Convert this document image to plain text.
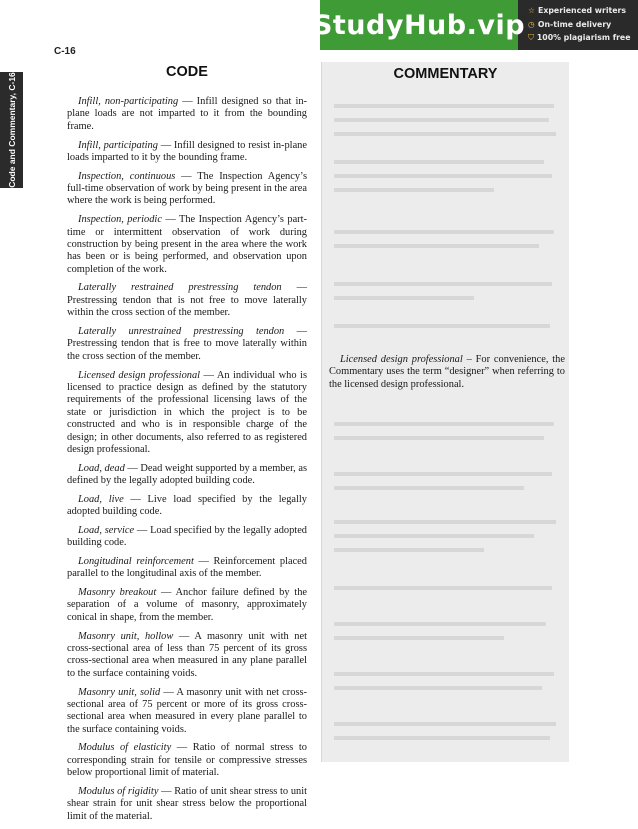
C-16
Code and Commentary, C-16
StudyHub.vip ☆ Experienced writers
◷ On-time delivery
⛉ 100% plagiarism free
CODE

Infill, non-participating — Infill designed so that in-plane loads are not imparted to it from the bounding frame.

Infill, participating — Infill designed to resist in-plane loads imparted to it by the bounding frame.

Inspection, continuous — The Inspection Agency’s full-time observation of work by being present in the area where the work is being performed.

Inspection, periodic — The Inspection Agency’s part-time or intermittent observation of work during construction by being present in the area where the work has been or is being performed, and observation upon completion of the work.

Laterally restrained prestressing tendon — Prestressing tendon that is not free to move laterally within the cross section of the member.

Laterally unrestrained prestressing tendon — Prestressing tendon that is free to move laterally within the cross section of the member.

Licensed design professional — An individual who is licensed to practice design as defined by the statutory requirements of the professional licensing laws of the state or jurisdiction in which the project is to be constructed and who is in responsible charge of the design; in other documents, also referred to as registered design professional.

Load, dead — Dead weight supported by a member, as defined by the legally adopted building code.

Load, live — Live load specified by the legally adopted building code.

Load, service — Load specified by the legally adopted building code.

Longitudinal reinforcement — Reinforcement placed parallel to the longitudinal axis of the member.

Masonry breakout — Anchor failure defined by the separation of a volume of masonry, approximately conical in shape, from the member.

Masonry unit, hollow — A masonry unit with net cross-sectional area of less than 75 percent of its gross cross-sectional area when measured in any plane parallel to the surface containing voids.

Masonry unit, solid — A masonry unit with net cross-sectional area of 75 percent or more of its gross cross-sectional area when measured in every plane parallel to the surface containing voids.

Modulus of elasticity — Ratio of normal stress to corresponding strain for tensile or compressive stresses below proportional limit of material.

Modulus of rigidity — Ratio of unit shear stress to unit shear strain for unit shear stress below the proportional limit of the material.

COMMENTARY
Licensed design professional – For convenience, the Commentary uses the term “designer” when referring to the licensed design professional.
